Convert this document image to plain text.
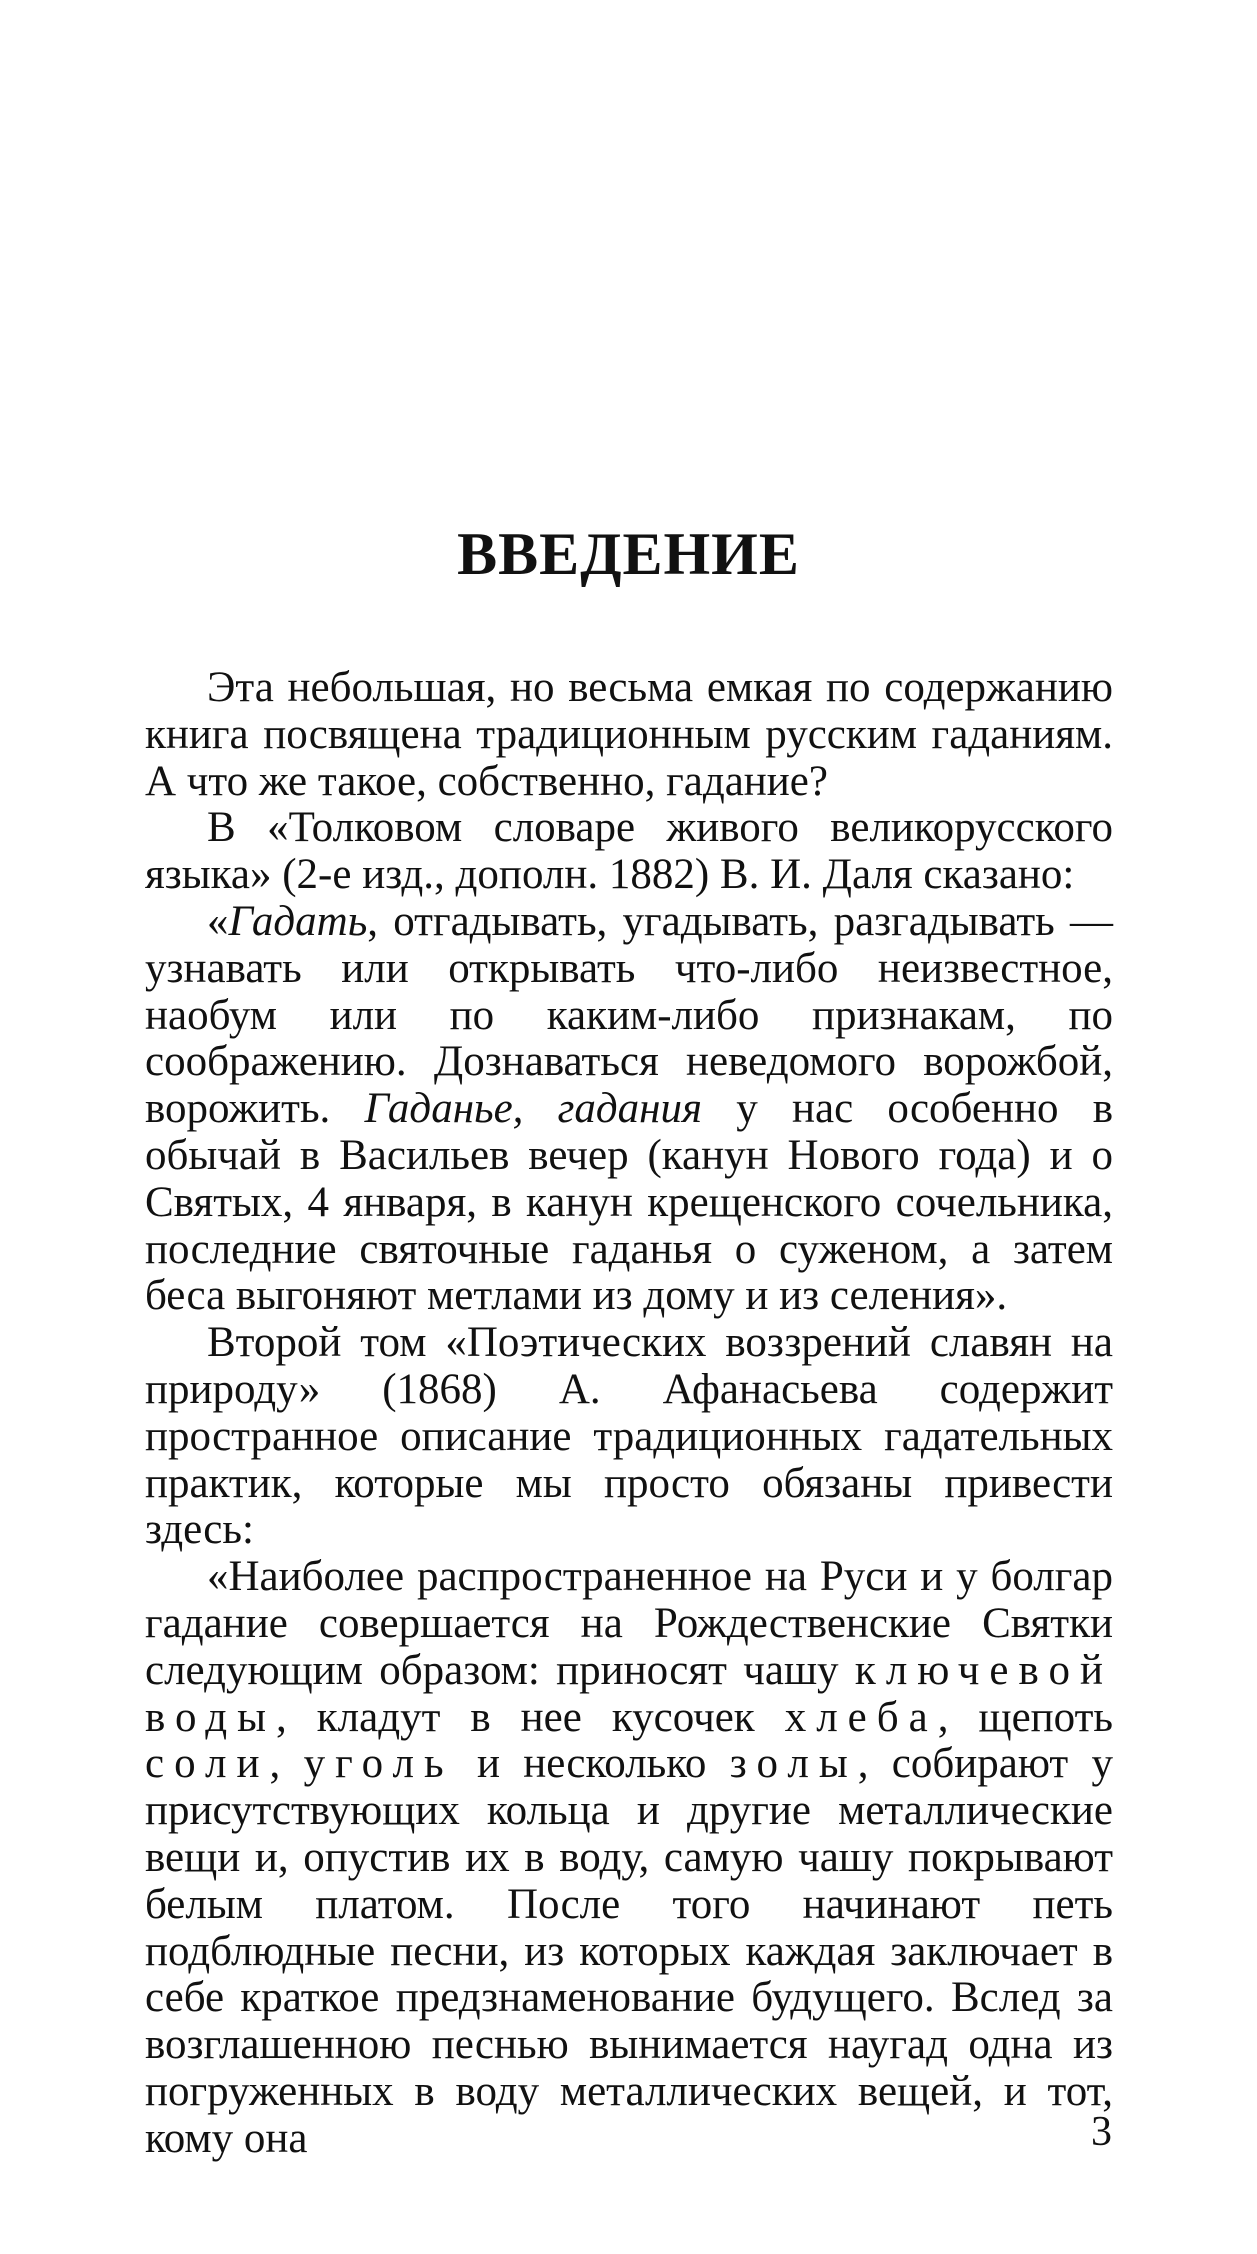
ВВЕДЕНИЕ

Эта небольшая, но весьма емкая по содержанию книга посвящена традиционным русским гаданиям. А что же такое, собственно, гадание?

В «Толковом словаре живого великорусского языка» (2-е изд., дополн. 1882) В. И. Даля сказано:

«Гадать, отгадывать, угадывать, разгадывать — узнавать или открывать что-либо неизвестное, наобум или по каким-либо признакам, по соображению. Дознаваться неведомого ворожбой, ворожить. Гаданье, гадания у нас особенно в обычай в Васильев вечер (канун Нового года) и о Святых, 4 января, в канун крещенского сочельника, последние святочные гаданья о суженом, а затем беса выгоняют метлами из дому и из селения».

Второй том «Поэтических воззрений славян на природу» (1868) А. Афанасьева содержит пространное описание традиционных гадательных практик, которые мы просто обязаны привести здесь:

«Наиболее распространенное на Руси и у болгар гадание совершается на Рождественские Святки следующим образом: приносят чашу ключевой воды, кладут в нее кусочек хлеба, щепоть соли, уголь и несколько золы, собирают у присутствующих кольца и другие металлические вещи и, опустив их в воду, самую чашу покрывают белым платом. После того начинают петь подблюдные песни, из которых каждая заключает в себе краткое предзнаменование будущего. Вслед за возглашенною песнью вынимается наугад одна из погруженных в воду металлических вещей, и тот, кому она	3
